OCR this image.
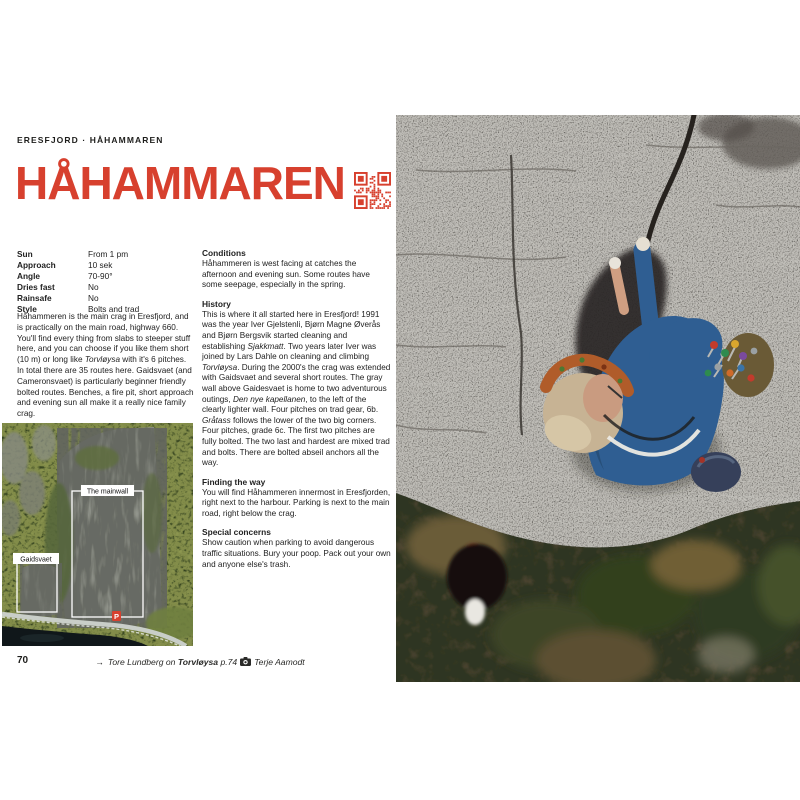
ERESFJORD · HÅHAMMAREN
HÅHAMMAREN
Sun	From 1 pm
Approach	10 sek
Angle	70-90°
Dries fast	No
Rainsafe	No
Style	Bolts and trad

Håhammeren is the main crag in Eresfjord, and is practically on the main road, highway 660. You'll find every thing from slabs to steeper stuff here, and you can choose if you like them short (10 m) or long like Torvløysa with it's 6 pitches. In total there are 35 routes here. Gaidsvaet (and Cameronsvaet) is particularly beginner friendly bolted routes. Benches, a fire pit, short approach and evening sun all make it a really nice family crag.

Conditions

Håhammeren is west facing at catches the afternoon and evening sun. Some routes have some seepage, especially in the spring.

History

This is where it all started here in Eresfjord! 1991 was the year Iver Gjelstenli, Bjørn Magne Øverås and Bjørn Bergsvik started cleaning and establishing Sjakkmatt. Two years later Iver was joined by Lars Dahle on cleaning and climbing Torvløysa. During the 2000's the crag was extended with Gaidsvaet and several short routes. The gray wall above Gaidesvaet is home to two adventurous outings, Den nye kapellanen, to the left of the clearly lighter wall. Four pitches on trad gear, 6b. Gråtass follows the lower of the two big corners. Four pitches, grade 6c. The first two pitches are fully bolted. The two last and hardest are mixed trad and bolts. There are bolted abseil anchors all the way.

Finding the way

You will find Håhammeren innermost in Eresfjorden, right next to the harbour. Parking is next to the main road, right below the crag.

Special concerns

Show caution when parking to avoid dangerous traffic situations. Bury your poop. Pack out your own and anyone else's trash.

The mainwall
Gaidsvaet
P
70	→ Tore Lundberg on Torvløysa p.74 Terje Aamodt
